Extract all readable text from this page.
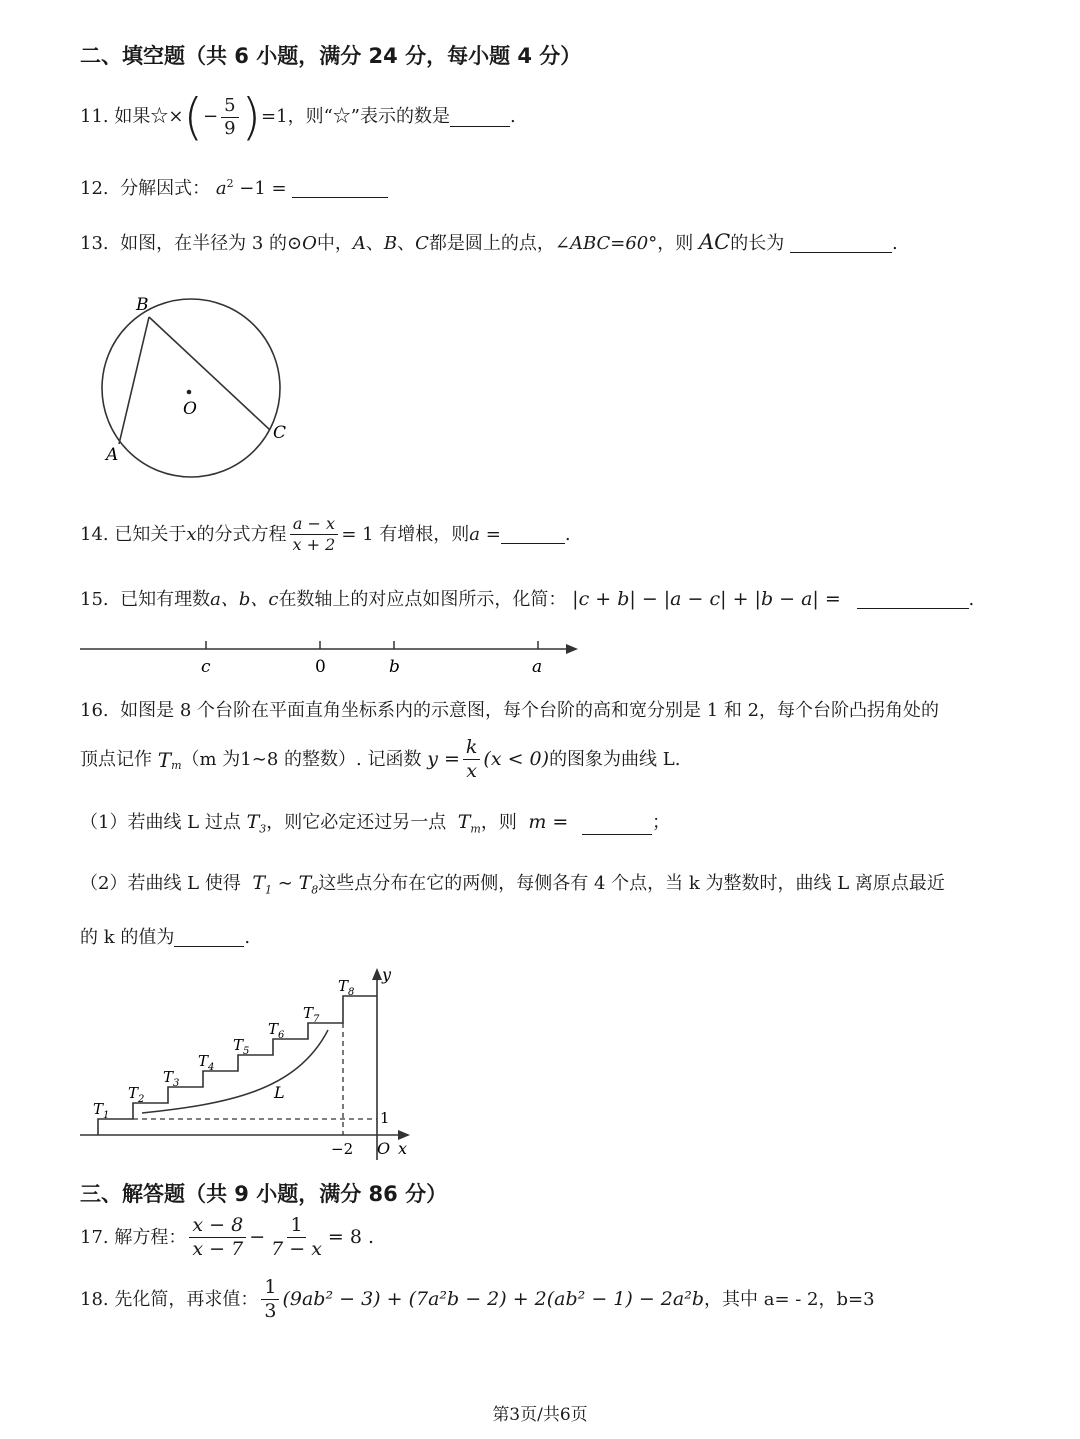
二、填空题（共 6 小题，满分 24 分，每小题 4 分）
11.
如果☆× ( − $\frac{5}{9}$ ) =1，则“☆”表示的数是	.
12. 分解因式： $a^2 -1$ =
13. 如图，在半径为 3 的⊙O中，A、B、C都是圆上的点，∠ABC=60°，则 AC的长为	.
B
A
C
O
14.
已知关于 x 的分式方程 $\frac{a - x}{x + 2} = 1$ 有增根，则 a =	.
15. 已知有理数a、b、c在数轴上的对应点如图所示，化简： |c + b| − |a − c| + |b − a| =	.
c	0	b	a
16. 如图是 8 个台阶在平面直角坐标系内的示意图，每个台阶的高和宽分别是 1 和 2，每个台阶凸拐角处的
顶点记作
$T_m$ （m 为1∼8 的整数）. 记函数
$y = \frac{k}{x} (x < 0)$ 的图象为曲线 L.
（1）若曲线 L 过点 $T_3$，则它必定还过另一点 $T_m$，则 m =	；
（2）若曲线 L 使得 $T_1$ ∼ $T_8$这些点分布在它的两侧，每侧各有 4 个点，当 k 为整数时，曲线 L 离原点最近
的 k 的值为	.
$T_1$
$T_2$
$T_3$
$T_4$
$T_5$
$T_6$
$T_7$
$T_8$
L
y
x
O
1
−2
三、解答题（共 9 小题，满分 86 分）
17.
解方程： $\frac{x - 8}{x - 7} - \frac{1}{7 - x} = 8$ .
18.
先化简，再求值： $\frac{1}{3} (9ab^2 - 3) + (7a^2b - 2) + 2(ab^2 - 1) - 2a^2b$ ，其中 a= - 2，b=3
第3页/共6页
